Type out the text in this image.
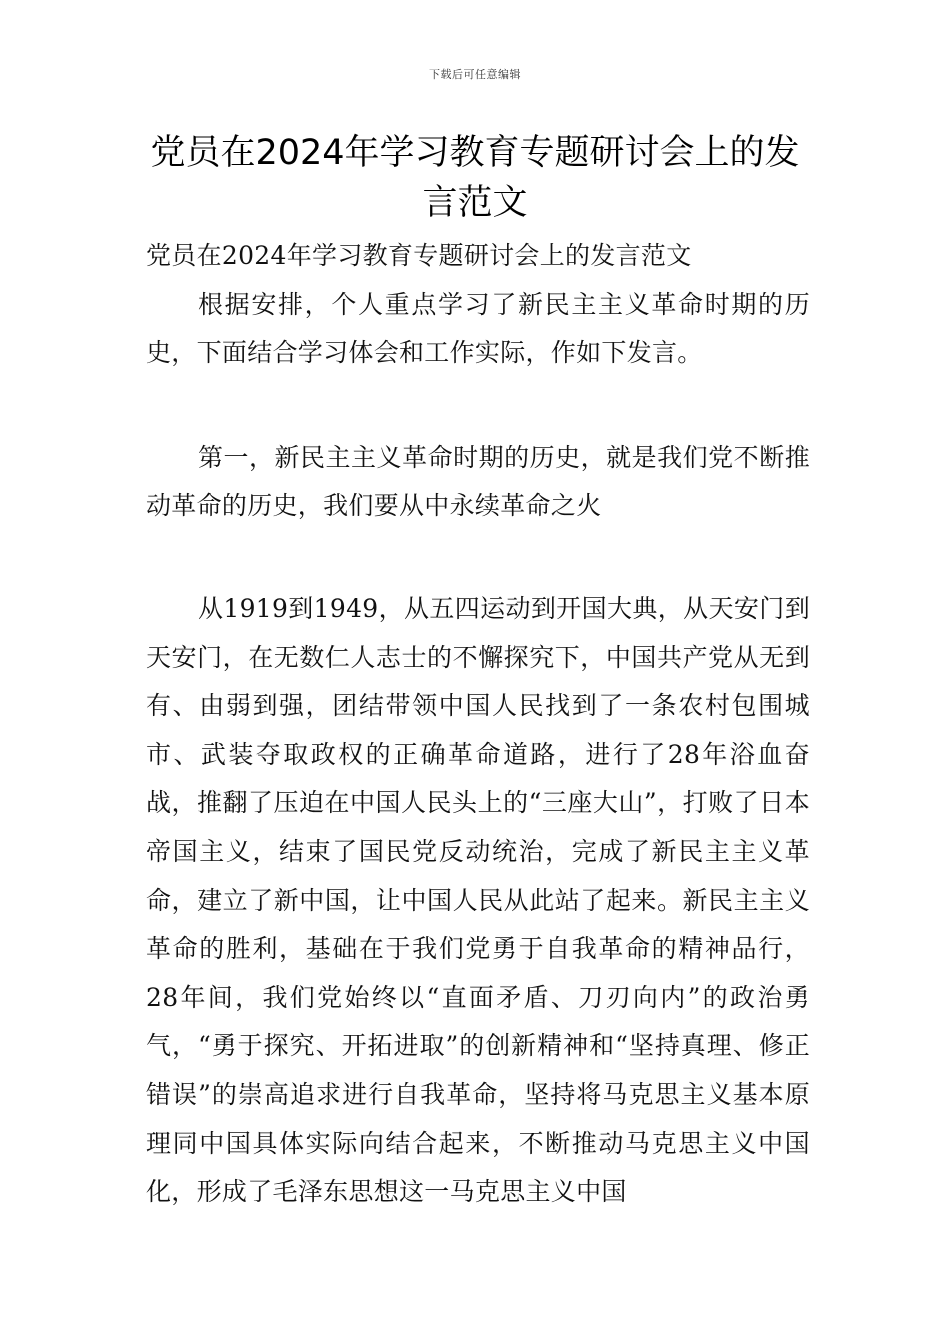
下载后可任意编辑
党员在2024年学习教育专题研讨会上的发言范文

党员在2024年学习教育专题研讨会上的发言范文

根据安排，个人重点学习了新民主主义革命时期的历史，下面结合学习体会和工作实际，作如下发言。

第一，新民主主义革命时期的历史，就是我们党不断推动革命的历史，我们要从中永续革命之火

从1919到1949，从五四运动到开国大典，从天安门到天安门，在无数仁人志士的不懈探究下，中国共产党从无到有、由弱到强，团结带领中国人民找到了一条农村包围城市、武装夺取政权的正确革命道路，进行了28年浴血奋战，推翻了压迫在中国人民头上的“三座大山”，打败了日本帝国主义，结束了国民党反动统治，完成了新民主主义革命，建立了新中国，让中国人民从此站了起来。新民主主义革命的胜利，基础在于我们党勇于自我革命的精神品行，28年间，我们党始终以“直面矛盾、刀刃向内”的政治勇气，“勇于探究、开拓进取”的创新精神和“坚持真理、修正错误”的崇高追求进行自我革命，坚持将马克思主义基本原理同中国具体实际向结合起来，不断推动马克思主义中国化，形成了毛泽东思想这一马克思主义中国
